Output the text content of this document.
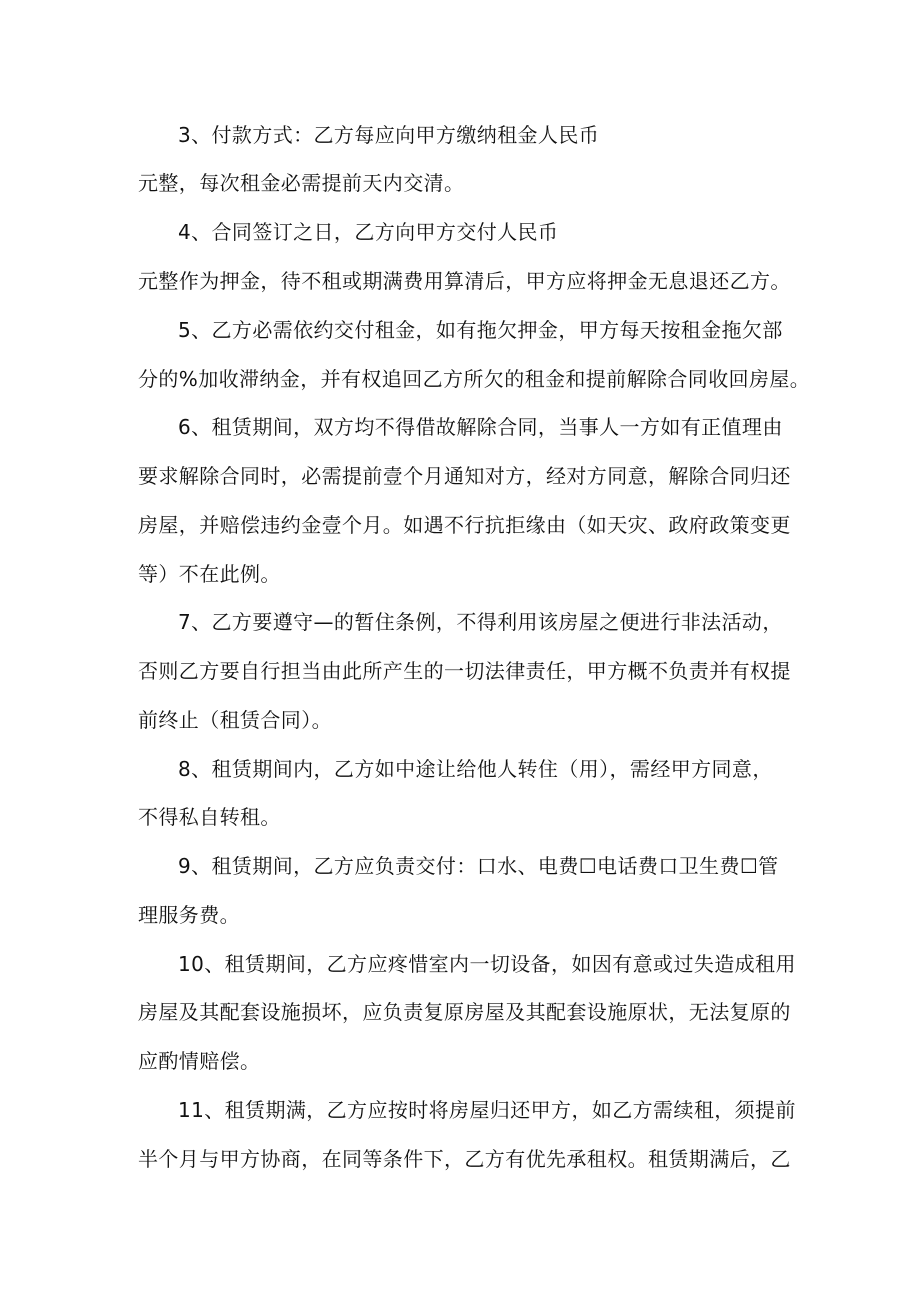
3、付款方式：乙方每应向甲方缴纳租金人民币
元整，每次租金必需提前天内交清。
4、合同签订之日，乙方向甲方交付人民币
元整作为押金，待不租或期满费用算清后，甲方应将押金无息退还乙方。
5、乙方必需依约交付租金，如有拖欠押金，甲方每天按租金拖欠部
分的%加收滞纳金，并有权追回乙方所欠的租金和提前解除合同收回房屋。
6、租赁期间，双方均不得借故解除合同，当事人一方如有正值理由
要求解除合同时，必需提前壹个月通知对方，经对方同意，解除合同归还
房屋，并赔偿违约金壹个月。如遇不行抗拒缘由（如天灾、政府政策变更
等）不在此例。
7、乙方要遵守—的暂住条例，不得利用该房屋之便进行非法活动，
否则乙方要自行担当由此所产生的一切法律责任，甲方概不负责并有权提
前终止（租赁合同）。
8、租赁期间内，乙方如中途让给他人转住（用），需经甲方同意，
不得私自转租。
9、租赁期间，乙方应负责交付：口水、电费☐电话费口卫生费☐管
理服务费。
10、租赁期间，乙方应疼惜室内一切设备，如因有意或过失造成租用
房屋及其配套设施损坏，应负责复原房屋及其配套设施原状，无法复原的
应酌情赔偿。
11、租赁期满，乙方应按时将房屋归还甲方，如乙方需续租，须提前
半个月与甲方协商，在同等条件下，乙方有优先承租权。租赁期满后，乙
